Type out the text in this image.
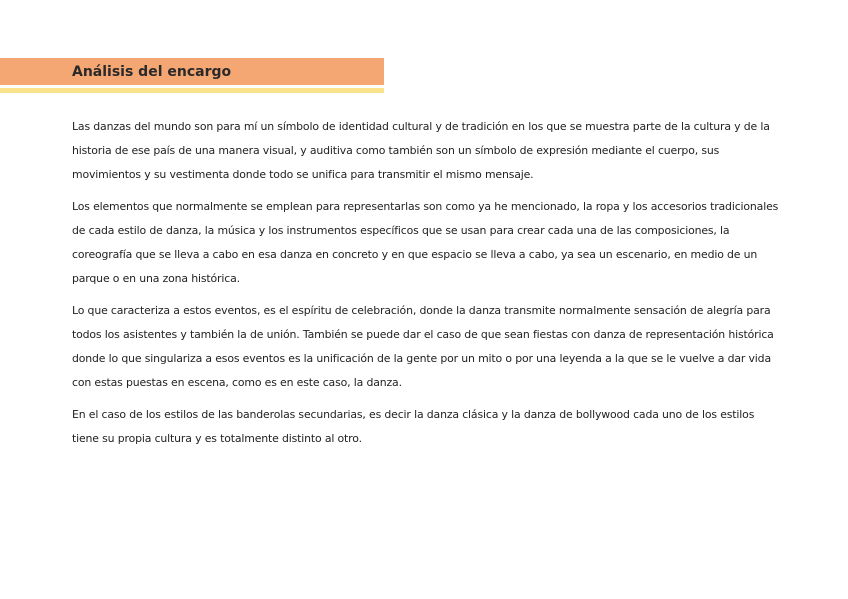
Análisis del encargo

Las danzas del mundo son para mí un símbolo de identidad cultural y de tradición en los que se muestra parte de la cultura y de la historia de ese país de una manera visual, y auditiva como también son un símbolo de expresión mediante el cuerpo, sus movimientos y su vestimenta donde todo se unifica para transmitir el mismo mensaje.

Los elementos que normalmente se emplean para representarlas son como ya he mencionado, la ropa y los accesorios tradicionales de cada estilo de danza, la música y los instrumentos específicos que se usan para crear cada una de las composiciones, la coreografía que se lleva a cabo en esa danza en concreto y en que espacio se lleva a cabo, ya sea un escenario, en medio de un parque o en una zona histórica.

Lo que caracteriza a estos eventos, es el espíritu de celebración, donde la danza transmite normalmente sensación de alegría para todos los asistentes y también la de unión. También se puede dar el caso de que sean fiestas con danza de representación histórica donde lo que singulariza a esos eventos es la unificación de la gente por un mito o por una leyenda a la que se le vuelve a dar vida con estas puestas en escena, como es en este caso, la danza.

En el caso de los estilos de las banderolas secundarias, es decir la danza clásica y la danza de bollywood cada uno de los estilos tiene su propia cultura y es totalmente distinto al otro.
